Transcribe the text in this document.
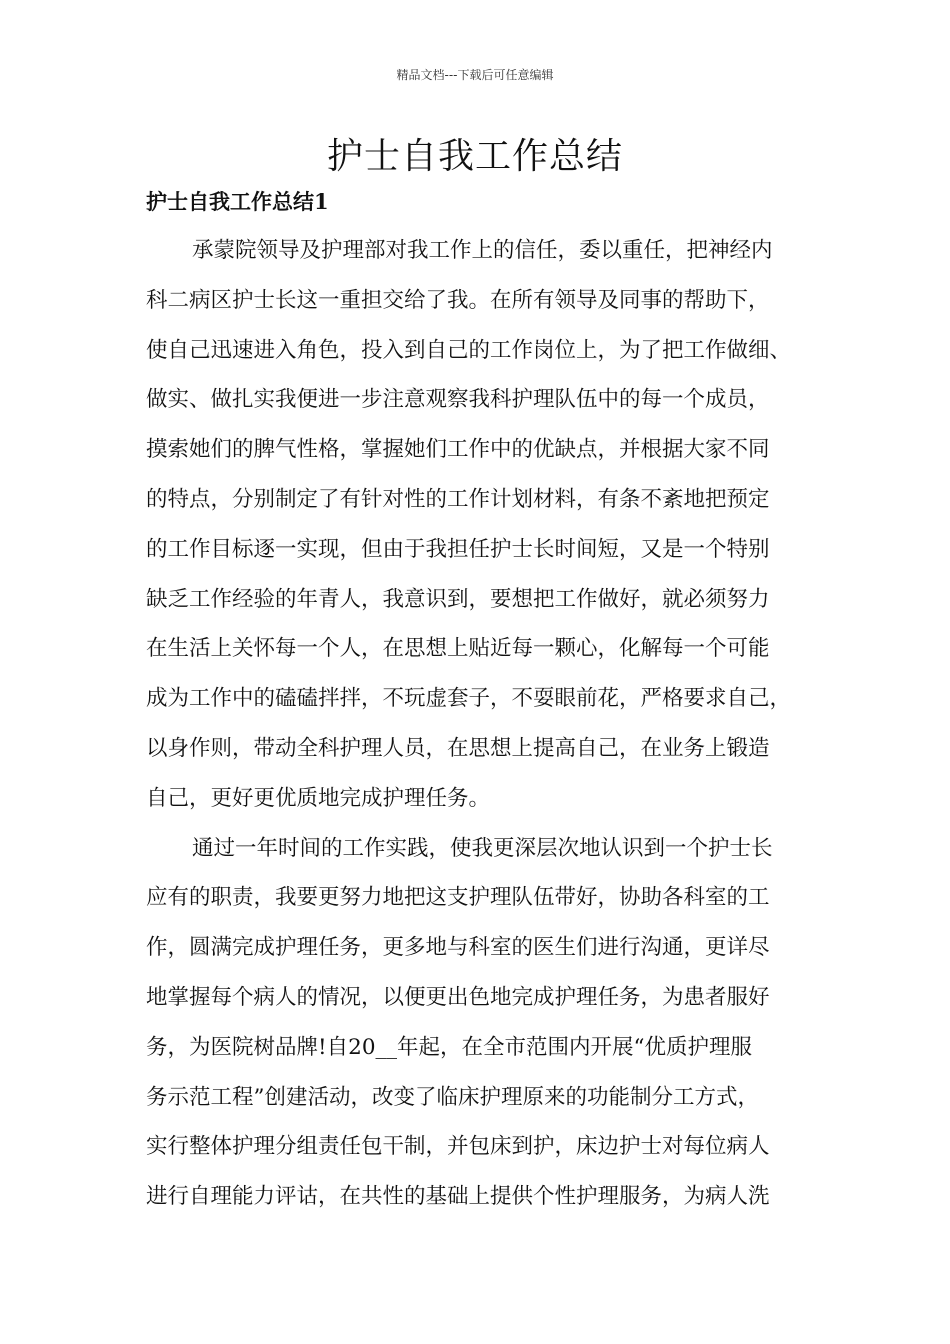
精品文档---下载后可任意编辑
护士自我工作总结
护士自我工作总结1
承蒙院领导及护理部对我工作上的信任，委以重任，把神经内
科二病区护士长这一重担交给了我。在所有领导及同事的帮助下，
使自己迅速进入角色，投入到自己的工作岗位上，为了把工作做细、
做实、做扎实我便进一步注意观察我科护理队伍中的每一个成员，
摸索她们的脾气性格，掌握她们工作中的优缺点，并根据大家不同
的特点，分别制定了有针对性的工作计划材料，有条不紊地把预定
的工作目标逐一实现，但由于我担任护士长时间短，又是一个特别
缺乏工作经验的年青人，我意识到，要想把工作做好，就必须努力
在生活上关怀每一个人，在思想上贴近每一颗心，化解每一个可能
成为工作中的磕磕拌拌，不玩虚套子，不耍眼前花，严格要求自己，
以身作则，带动全科护理人员，在思想上提高自己，在业务上锻造
自己，更好更优质地完成护理任务。
通过一年时间的工作实践，使我更深层次地认识到一个护士长
应有的职责，我要更努力地把这支护理队伍带好，协助各科室的工
作，圆满完成护理任务，更多地与科室的医生们进行沟通，更详尽
地掌握每个病人的情况，以便更出色地完成护理任务，为患者服好
务，为医院树品牌!自20__年起，在全市范围内开展“优质护理服
务示范工程”创建活动，改变了临床护理原来的功能制分工方式，
实行整体护理分组责任包干制，并包床到护，床边护士对每位病人
进行自理能力评诂，在共性的基础上提供个性护理服务，为病人洗
